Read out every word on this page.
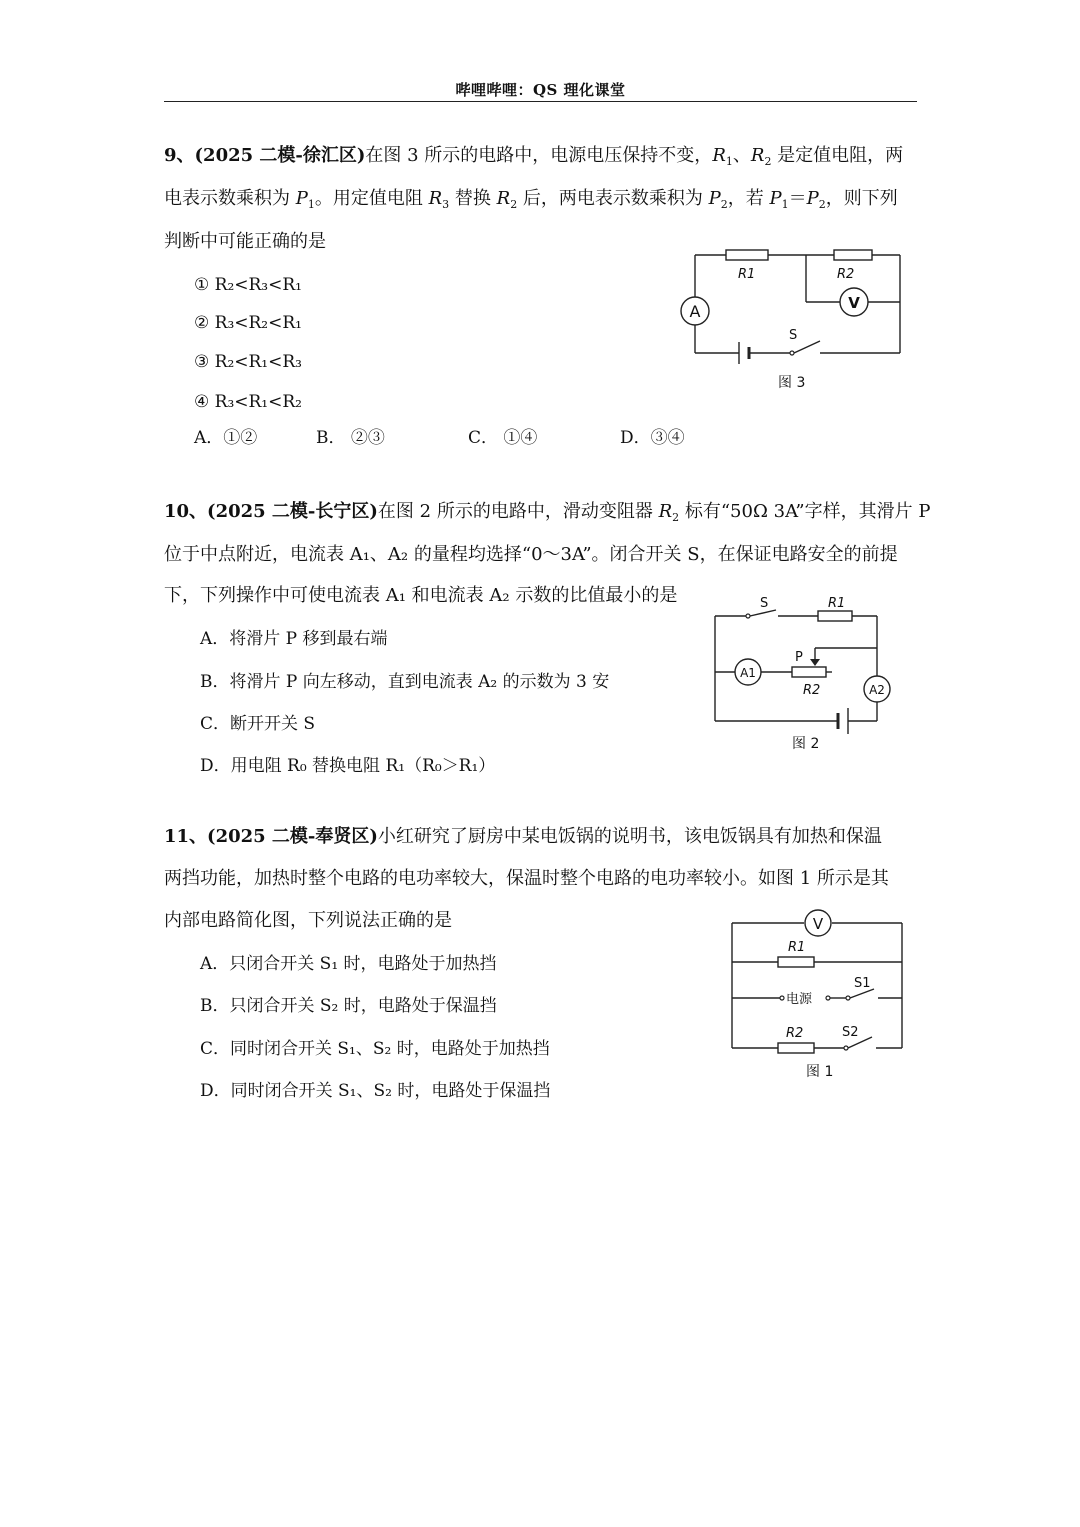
哔哩哔哩：QS 理化课堂
9、(2025 二模-徐汇区)在图 3 所示的电路中，电源电压保持不变，$R_1$、$R_2$ 是定值电阻，两
电表示数乘积为 $P_1$。用定值电阻 $R_3$ 替换 $R_2$ 后，两电表示数乘积为 $P_2$，若 $P_1=P_2$，则下列
判断中可能正确的是
① R₂<R₃<R₁
② R₃<R₂<R₁
③ R₂<R₁<R₃
④ R₃<R₁<R₂
A．①②	B． ②③	C． ①④	D．③④
A	V
R1	R2
S
图 3
10、(2025 二模-长宁区)在图 2 所示的电路中，滑动变阻器 $R_2$ 标有“50Ω 3A”字样，其滑片 P
位于中点附近，电流表 A₁、A₂ 的量程均选择“0～3A”。闭合开关 S，在保证电路安全的前提
下，下列操作中可使电流表 A₁ 和电流表 A₂ 示数的比值最小的是
A．将滑片 P 移到最右端
B．将滑片 P 向左移动，直到电流表 A₂ 的示数为 3 安
C．断开开关 S
D．用电阻 R₀ 替换电阻 R₁（R₀＞R₁）
S	R1
A1
P
R2	A2
图 2
11、(2025 二模-奉贤区)小红研究了厨房中某电饭锅的说明书，该电饭锅具有加热和保温
两挡功能，加热时整个电路的电功率较大，保温时整个电路的电功率较小。如图 1 所示是其
内部电路简化图，下列说法正确的是
A．只闭合开关 S₁ 时，电路处于加热挡
B．只闭合开关 S₂ 时，电路处于保温挡
C．同时闭合开关 S₁、S₂ 时，电路处于加热挡
D．同时闭合开关 S₁、S₂ 时，电路处于保温挡
V
R1
电源
S1
R2	S2
图 1
